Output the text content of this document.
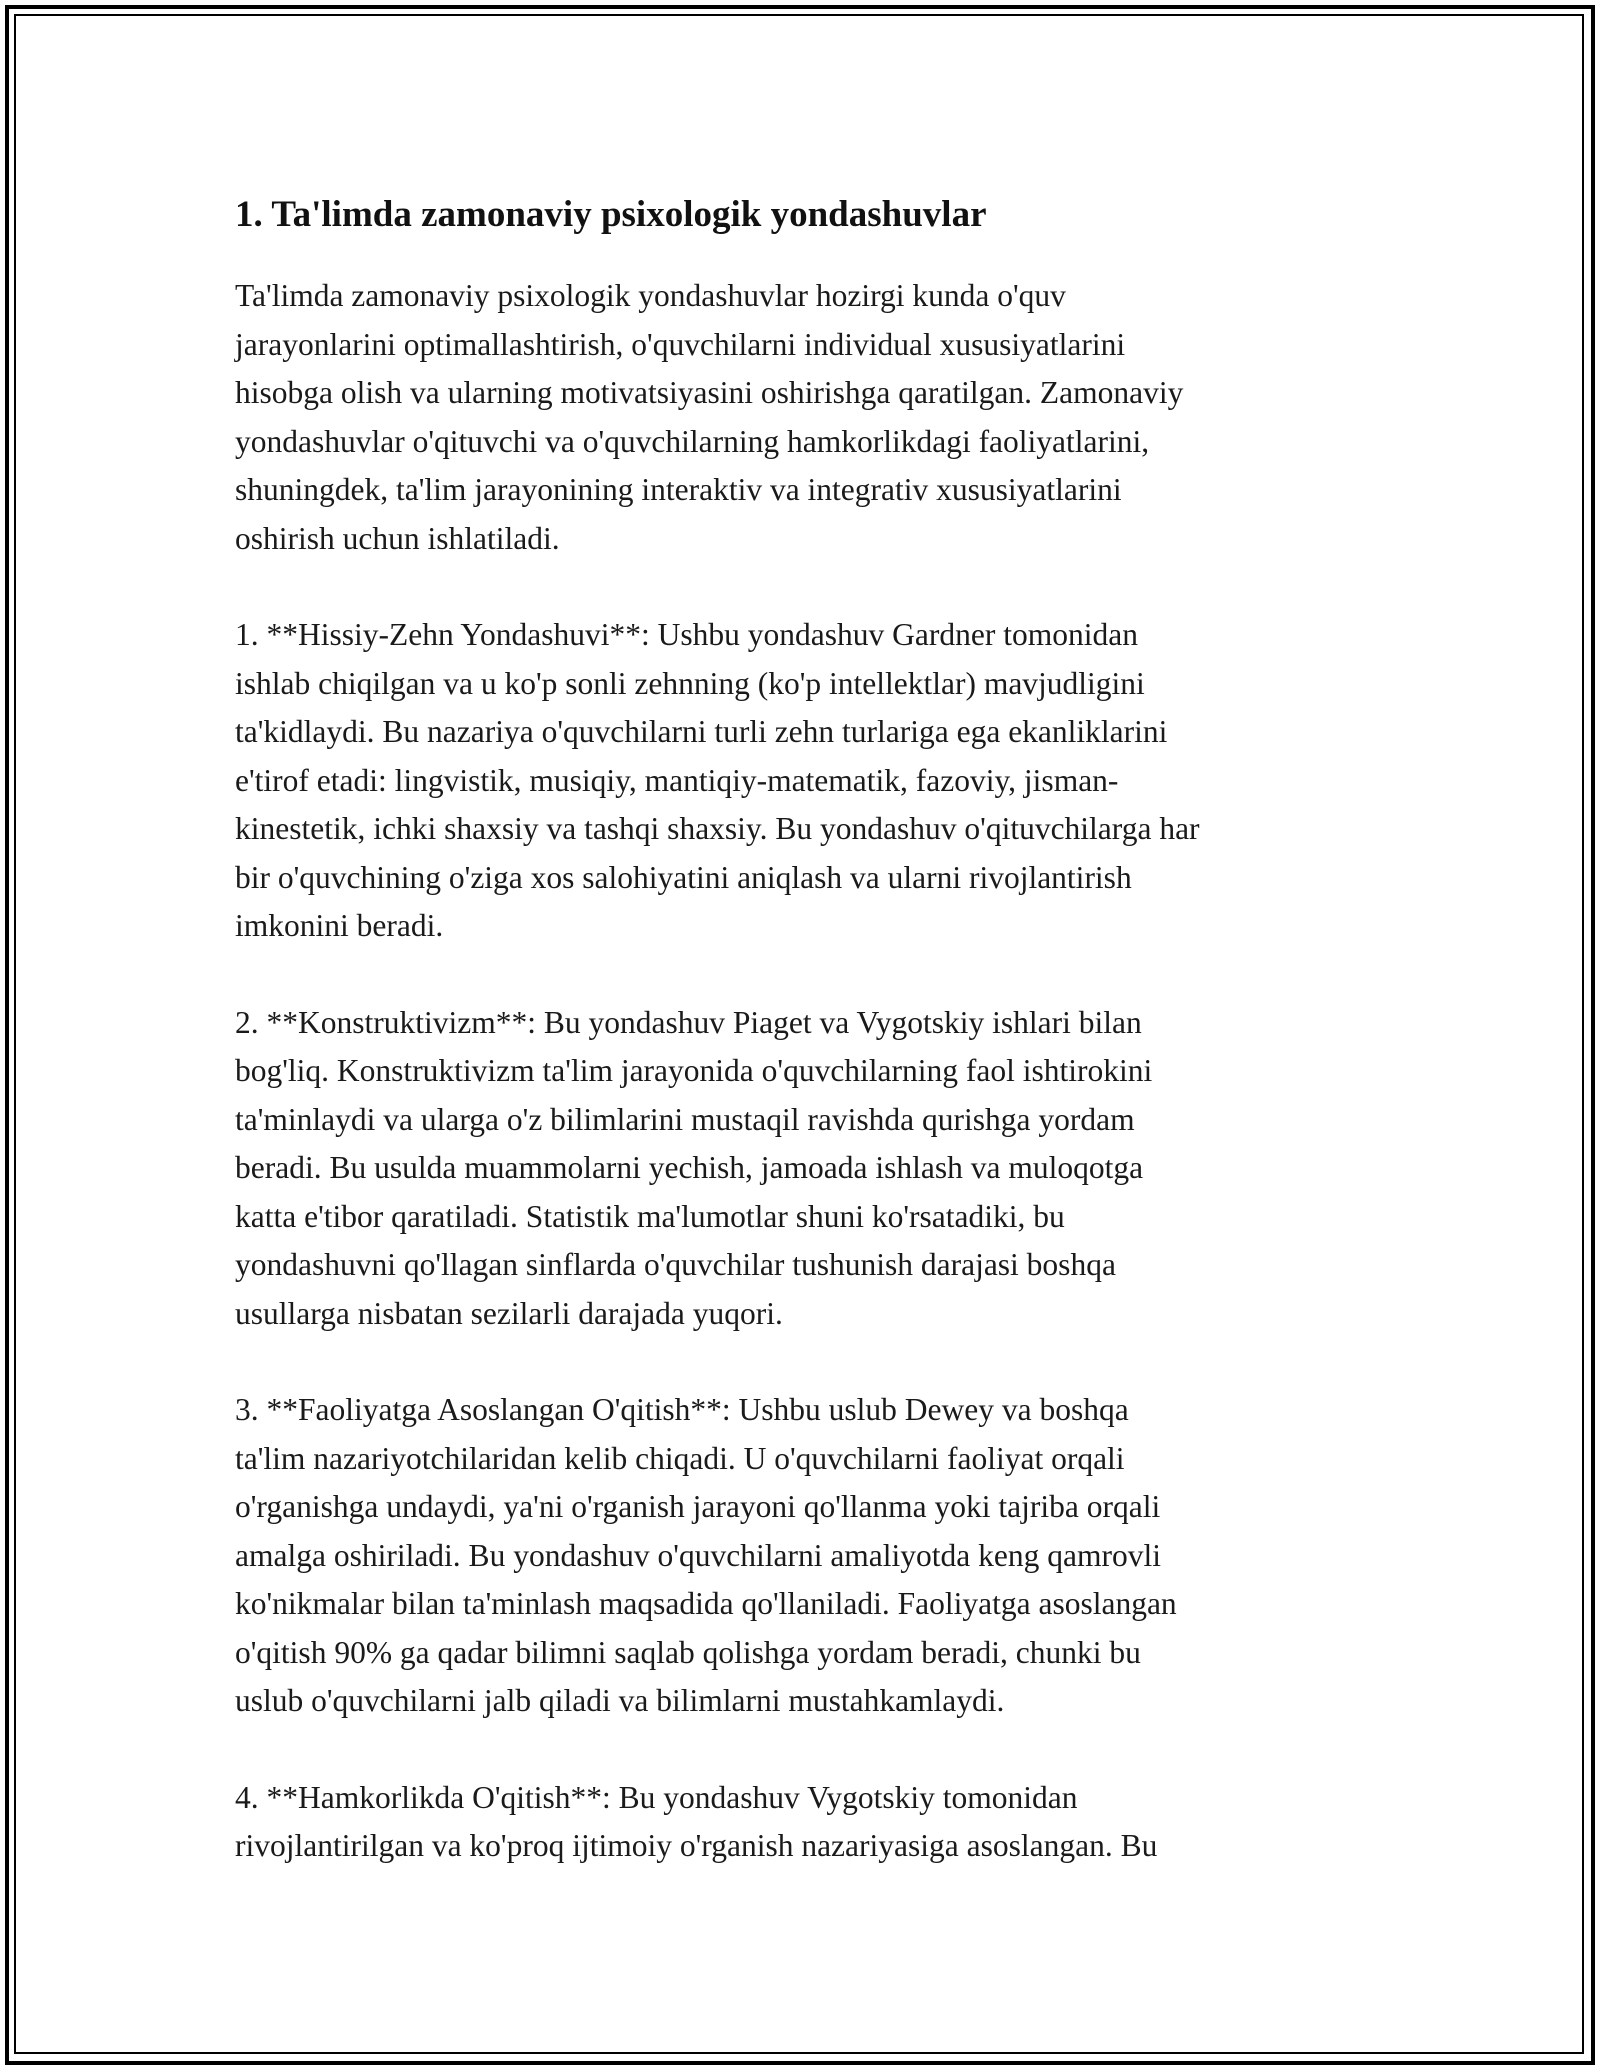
1. Ta'limda zamonaviy psixologik yondashuvlar

Ta'limda zamonaviy psixologik yondashuvlar hozirgi kunda o'quv
jarayonlarini optimallashtirish, o'quvchilarni individual xususiyatlarini
hisobga olish va ularning motivatsiyasini oshirishga qaratilgan. Zamonaviy
yondashuvlar o'qituvchi va o'quvchilarning hamkorlikdagi faoliyatlarini,
shuningdek, ta'lim jarayonining interaktiv va integrativ xususiyatlarini
oshirish uchun ishlatiladi.

1. **Hissiy-Zehn Yondashuvi**: Ushbu yondashuv Gardner tomonidan
ishlab chiqilgan va u ko'p sonli zehnning (ko'p intellektlar) mavjudligini
ta'kidlaydi. Bu nazariya o'quvchilarni turli zehn turlariga ega ekanliklarini
e'tirof etadi: lingvistik, musiqiy, mantiqiy-matematik, fazoviy, jisman-
kinestetik, ichki shaxsiy va tashqi shaxsiy. Bu yondashuv o'qituvchilarga har
bir o'quvchining o'ziga xos salohiyatini aniqlash va ularni rivojlantirish
imkonini beradi.

2. **Konstruktivizm**: Bu yondashuv Piaget va Vygotskiy ishlari bilan
bog'liq. Konstruktivizm ta'lim jarayonida o'quvchilarning faol ishtirokini
ta'minlaydi va ularga o'z bilimlarini mustaqil ravishda qurishga yordam
beradi. Bu usulda muammolarni yechish, jamoada ishlash va muloqotga
katta e'tibor qaratiladi. Statistik ma'lumotlar shuni ko'rsatadiki, bu
yondashuvni qo'llagan sinflarda o'quvchilar tushunish darajasi boshqa
usullarga nisbatan sezilarli darajada yuqori.

3. **Faoliyatga Asoslangan O'qitish**: Ushbu uslub Dewey va boshqa
ta'lim nazariyotchilaridan kelib chiqadi. U o'quvchilarni faoliyat orqali
o'rganishga undaydi, ya'ni o'rganish jarayoni qo'llanma yoki tajriba orqali
amalga oshiriladi. Bu yondashuv o'quvchilarni amaliyotda keng qamrovli
ko'nikmalar bilan ta'minlash maqsadida qo'llaniladi. Faoliyatga asoslangan
o'qitish 90% ga qadar bilimni saqlab qolishga yordam beradi, chunki bu
uslub o'quvchilarni jalb qiladi va bilimlarni mustahkamlaydi.

4. **Hamkorlikda O'qitish**: Bu yondashuv Vygotskiy tomonidan
rivojlantirilgan va ko'proq ijtimoiy o'rganish nazariyasiga asoslangan. Bu
